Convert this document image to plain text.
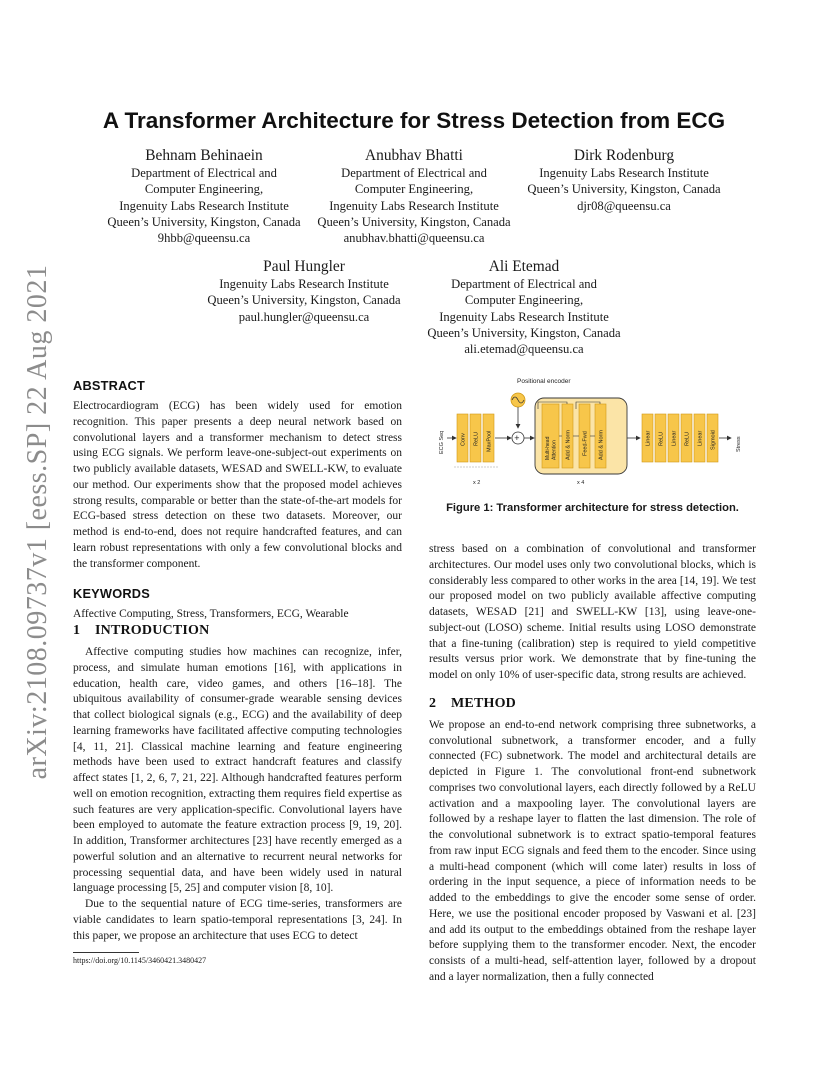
arXiv:2108.09737v1 [eess.SP] 22 Aug 2021
A Transformer Architecture for Stress Detection from ECG
Behnam Behinaein
Department of Electrical and
Computer Engineering,
Ingenuity Labs Research Institute
Queen’s University, Kingston, Canada
9hbb@queensu.ca
Anubhav Bhatti
Department of Electrical and
Computer Engineering,
Ingenuity Labs Research Institute
Queen’s University, Kingston, Canada
anubhav.bhatti@queensu.ca
Dirk Rodenburg
Ingenuity Labs Research Institute
Queen’s University, Kingston, Canada
djr08@queensu.ca
Paul Hungler
Ingenuity Labs Research Institute
Queen’s University, Kingston, Canada
paul.hungler@queensu.ca
Ali Etemad
Department of Electrical and
Computer Engineering,
Ingenuity Labs Research Institute
Queen’s University, Kingston, Canada
ali.etemad@queensu.ca
ABSTRACT

Electrocardiogram (ECG) has been widely used for emotion recognition. This paper presents a deep neural network based on convolutional layers and a transformer mechanism to detect stress using ECG signals. We perform leave-one-subject-out experiments on two publicly available datasets, WESAD and SWELL-KW, to evaluate our method. Our experiments show that the proposed model achieves strong results, comparable or better than the state-of-the-art models for ECG-based stress detection on these two datasets. Moreover, our method is end-to-end, does not require handcrafted features, and can learn robust representations with only a few convolutional blocks and the transformer component.

KEYWORDS

Affective Computing, Stress, Transformers, ECG, Wearable

1 INTRODUCTION

Affective computing studies how machines can recognize, infer, process, and simulate human emotions [16], with applications in education, health care, video games, and others [16–18]. The ubiquitous availability of consumer-grade wearable sensing devices that collect biological signals (e.g., ECG) and the availability of deep learning frameworks have facilitated affective computing technologies [4, 11, 21]. Classical machine learning and feature engineering methods have been used to extract handcraft features and classify affect states [1, 2, 6, 7, 21, 22]. Although handcrafted features perform well on emotion recognition, extracting them requires field expertise as such features are very application-specific. Convolutional layers have been employed to automate the feature extraction process [9, 19, 20]. In addition, Transformer architectures [23] have recently emerged as a powerful solution and an alternative to recurrent neural networks for processing sequential data, and have been widely used in natural language processing [5, 25] and computer vision [8, 10].

Due to the sequential nature of ECG time-series, transformers are viable candidates to learn spatio-temporal representations [3, 24]. In this paper, we propose an architecture that uses ECG to detect

https://doi.org/10.1145/3460421.3480427
Positional encoder
ECG Seq	Conv ReLU MaxPool
x 2
+	Multi-head Attention Add & Norm Feed-Fwd Add & Norm
x 4
Linear ReLU Linear ReLU Linear Sigmoid	Stress
Figure 1: Transformer architecture for stress detection.

stress based on a combination of convolutional and transformer architectures. Our model uses only two convolutional blocks, which is considerably less compared to other works in the area [14, 19]. We test our proposed model on two publicly available affective computing datasets, WESAD [21] and SWELL-KW [13], using leave-one-subject-out (LOSO) scheme. Initial results using LOSO demonstrate that a fine-tuning (calibration) step is required to yield competitive results versus prior work. We demonstrate that by fine-tuning the model on only 10% of user-specific data, strong results are achieved.

2 METHOD

We propose an end-to-end network comprising three subnetworks, a convolutional subnetwork, a transformer encoder, and a fully connected (FC) subnetwork. The model and architectural details are depicted in Figure 1. The convolutional front-end subnetwork comprises two convolutional layers, each directly followed by a ReLU activation and a maxpooling layer. The convolutional layers are followed by a reshape layer to flatten the last dimension. The role of the convolutional subnetwork is to extract spatio-temporal features from raw input ECG signals and feed them to the encoder. Since using a multi-head component (which will come later) results in loss of ordering in the input sequence, a piece of information needs to be added to the embeddings to give the encoder some sense of order. Here, we use the positional encoder proposed by Vaswani et al. [23] and add its output to the embeddings obtained from the reshape layer before supplying them to the transformer encoder. Next, the encoder consists of a multi-head, self-attention layer, followed by a dropout and a layer normalization, then a fully connected
